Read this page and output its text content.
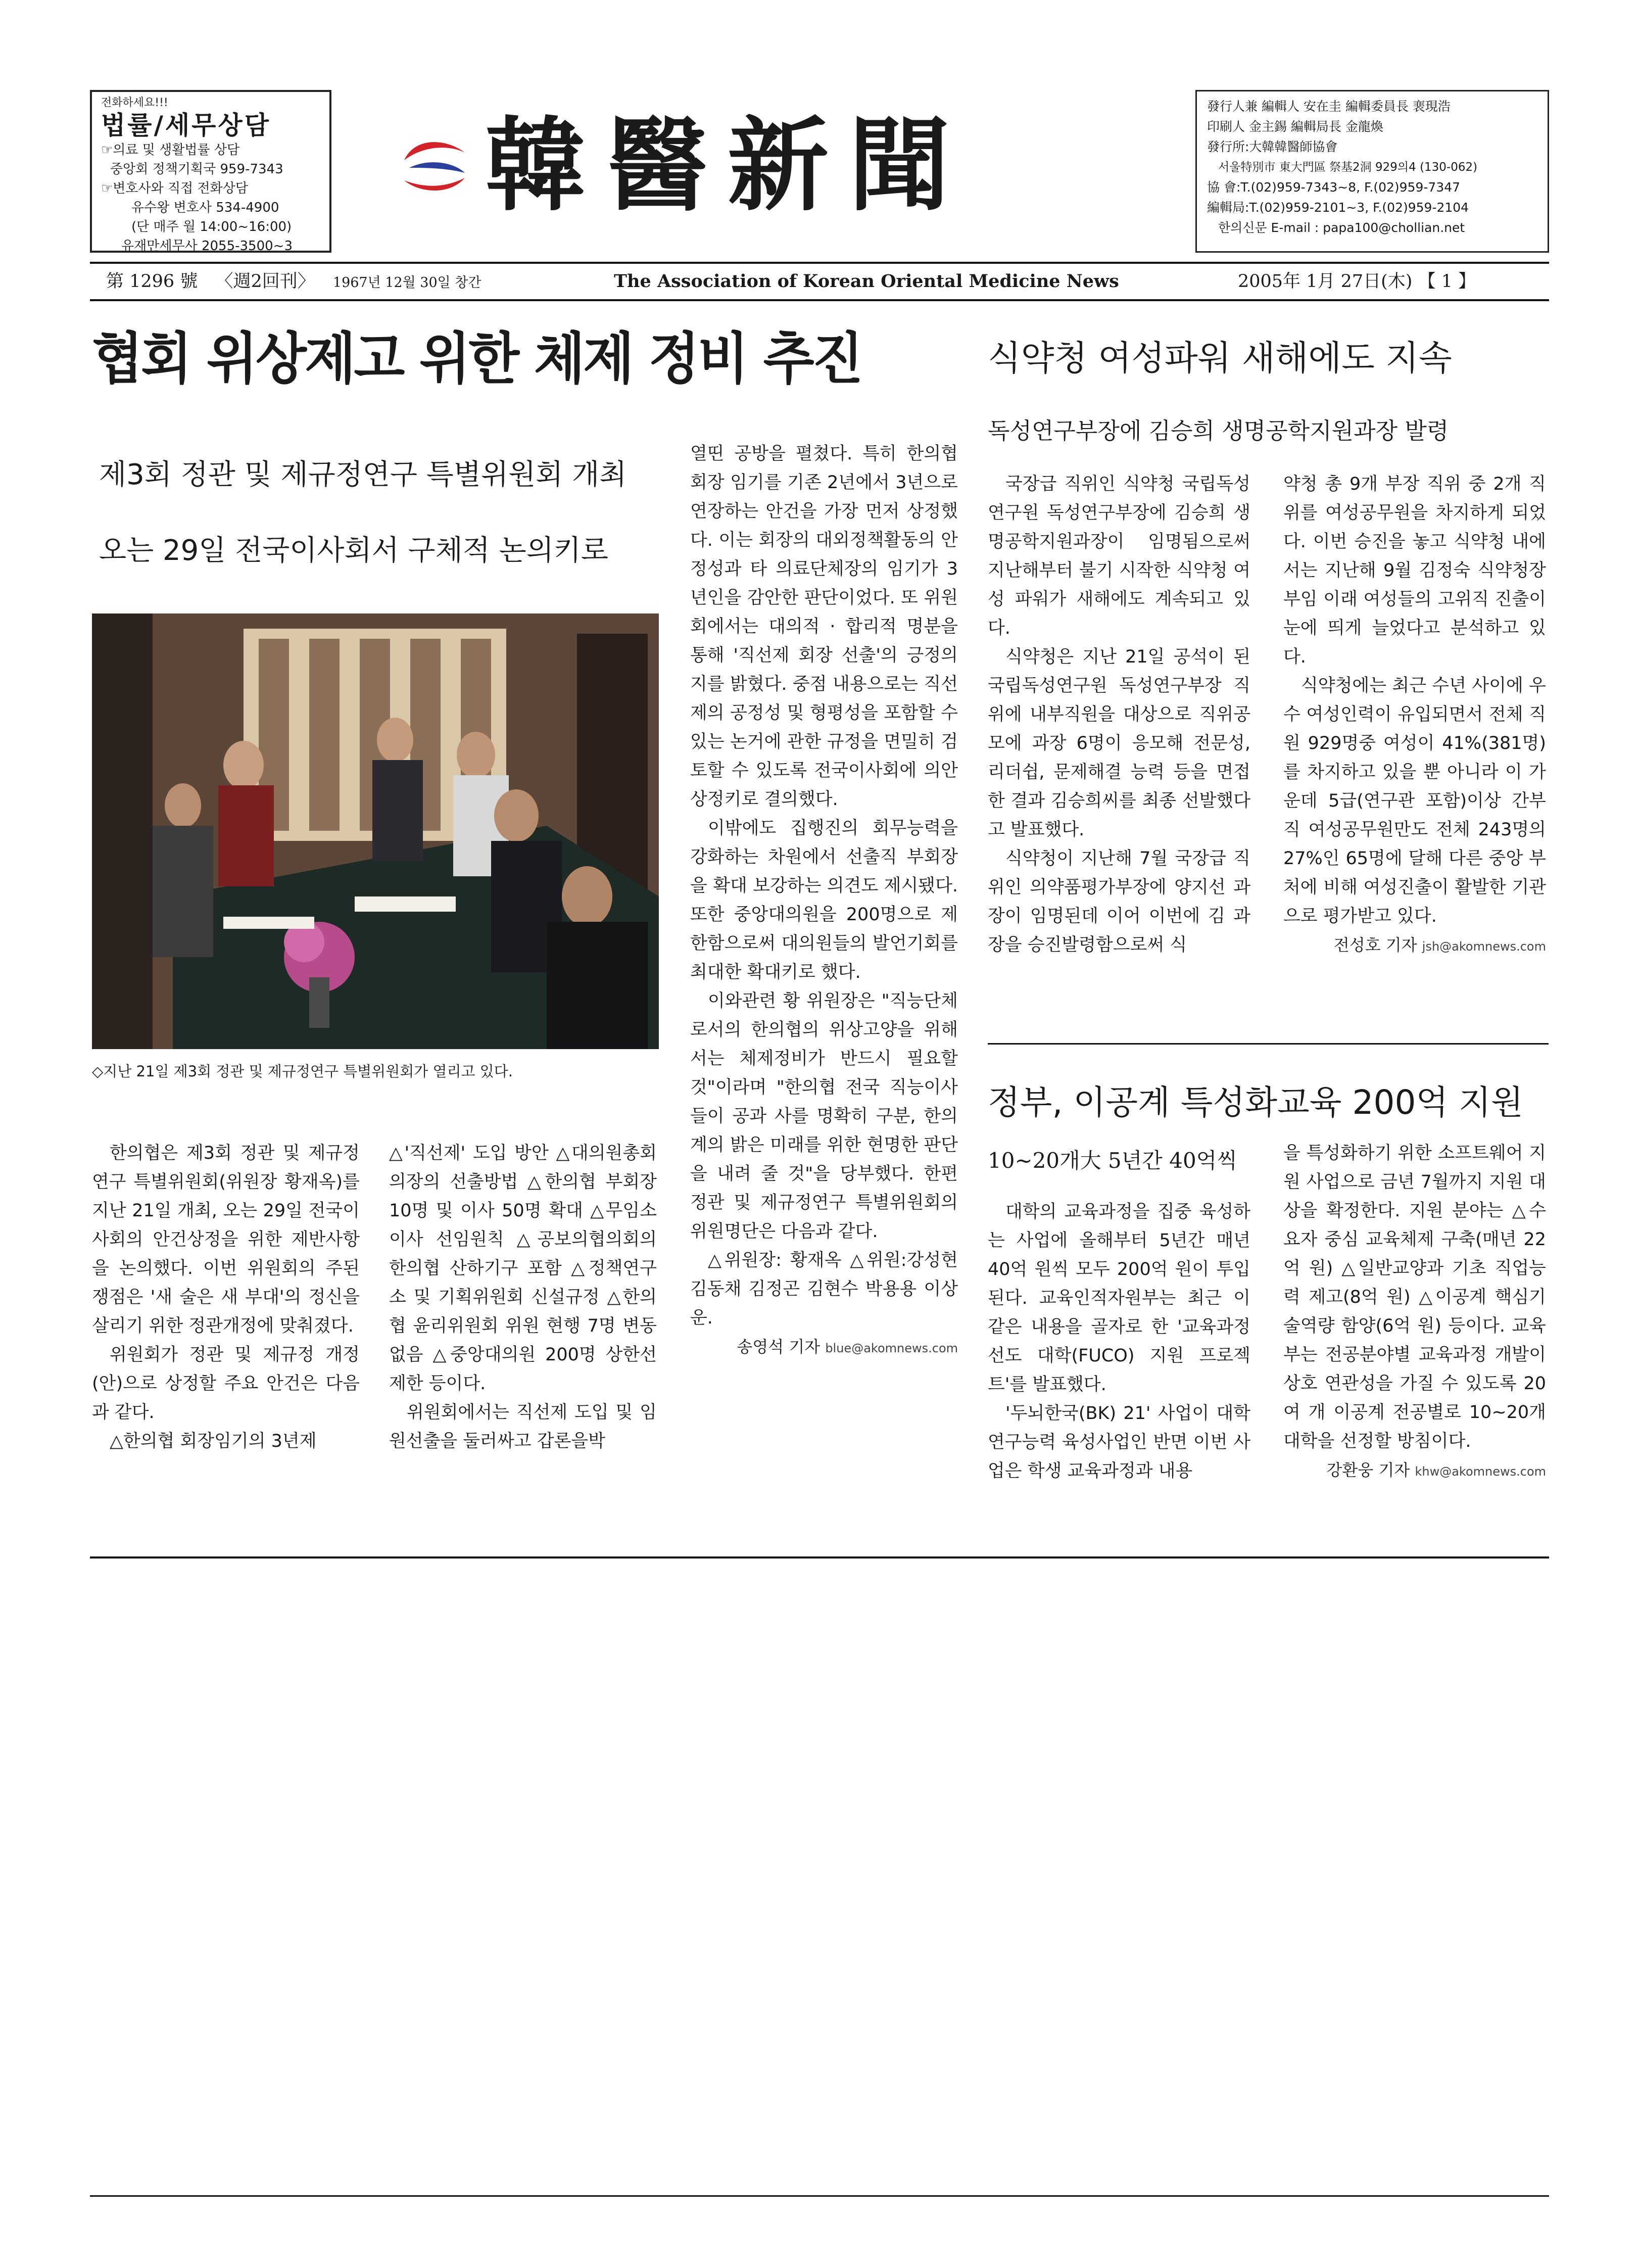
전화하세요!!!
법률/세무상담
☞의료 및 생활법률 상담
중앙회 정책기획국 959-7343
☞변호사와 직접 전화상담
유수왕 변호사 534-4900
(단 매주 월 14:00~16:00)
유재만세무사 2055-3500~3
韓醫新聞	發行人兼 編輯人 安在圭 編輯委員長 裵現浩
印刷人 金主錫 編輯局長 金龍煥
發行所:大韓韓醫師協會
서울特別市 東大門區 祭基2洞 929의4 (130-062)
協 會:T.(02)959-7343~8, F.(02)959-7347
編輯局:T.(02)959-2101~3, F.(02)959-2104
한의신문 E-mail : papa100@chollian.net
第 1296 號 〈週2回刊〉 1967년 12월 30일 창간	The Association of Korean Oriental Medicine News	2005年 1月 27日(木) 【 1 】
협회 위상제고 위한 체제 정비 추진
제3회 정관 및 제규정연구 특별위원회 개최
오는 29일 전국이사회서 구체적 논의키로
◇지난 21일 제3회 정관 및 제규정연구 특별위원회가 열리고 있다.

한의협은 제3회 정관 및 제규정연구 특별위원회(위원장 황재옥)를 지난 21일 개최, 오는 29일 전국이사회의 안건상정을 위한 제반사항을 논의했다. 이번 위원회의 주된 쟁점은 '새 술은 새 부대'의 정신을 살리기 위한 정관개정에 맞춰졌다.

위원회가 정관 및 제규정 개정(안)으로 상정할 주요 안건은 다음과 같다.

△한의협 회장임기의 3년제

△'직선제' 도입 방안 △대의원총회의장의 선출방법 △한의협 부회장 10명 및 이사 50명 확대 △무임소 이사 선임원칙 △공보의협의회의 한의협 산하기구 포함 △정책연구소 및 기획위원회 신설규정 △한의협 윤리위원회 위원 현행 7명 변동 없음 △중앙대의원 200명 상한선 제한 등이다.

위원회에서는 직선제 도입 및 임원선출을 둘러싸고 갑론을박

열띤 공방을 펼쳤다. 특히 한의협 회장 임기를 기존 2년에서 3년으로 연장하는 안건을 가장 먼저 상정했다. 이는 회장의 대외정책활동의 안정성과 타 의료단체장의 임기가 3년인을 감안한 판단이었다. 또 위원회에서는 대의적 · 합리적 명분을 통해 '직선제 회장 선출'의 긍정의지를 밝혔다. 중점 내용으로는 직선제의 공정성 및 형평성을 포함할 수 있는 논거에 관한 규정을 면밀히 검토할 수 있도록 전국이사회에 의안 상정키로 결의했다.

이밖에도 집행진의 회무능력을 강화하는 차원에서 선출직 부회장을 확대 보강하는 의견도 제시됐다. 또한 중앙대의원을 200명으로 제한함으로써 대의원들의 발언기회를 최대한 확대키로 했다.

이와관련 황 위원장은 "직능단체로서의 한의협의 위상고양을 위해서는 체제정비가 반드시 필요할 것"이라며 "한의협 전국 직능이사들이 공과 사를 명확히 구분, 한의계의 밝은 미래를 위한 현명한 판단을 내려 줄 것"을 당부했다. 한편 정관 및 제규정연구 특별위원회의 위원명단은 다음과 같다.

△위원장: 황재옥 △위원:강성현 김동채 김정곤 김현수 박용용 이상운.

송영석 기자 blue@akomnews.com
식약청 여성파워 새해에도 지속
독성연구부장에 김승희 생명공학지원과장 발령

국장급 직위인 식약청 국립독성연구원 독성연구부장에 김승희 생명공학지원과장이 임명됨으로써 지난해부터 불기 시작한 식약청 여성 파워가 새해에도 계속되고 있다.

식약청은 지난 21일 공석이 된 국립독성연구원 독성연구부장 직위에 내부직원을 대상으로 직위공모에 과장 6명이 응모해 전문성, 리더쉽, 문제해결 능력 등을 면접한 결과 김승희씨를 최종 선발했다고 발표했다.

식약청이 지난해 7월 국장급 직위인 의약품평가부장에 양지선 과장이 임명된데 이어 이번에 김 과장을 승진발령함으로써 식

약청 총 9개 부장 직위 중 2개 직위를 여성공무원을 차지하게 되었다. 이번 승진을 놓고 식약청 내에서는 지난해 9월 김정숙 식약청장 부임 이래 여성들의 고위직 진출이 눈에 띄게 늘었다고 분석하고 있다.

식약청에는 최근 수년 사이에 우수 여성인력이 유입되면서 전체 직원 929명중 여성이 41%(381명)를 차지하고 있을 뿐 아니라 이 가운데 5급(연구관 포함)이상 간부직 여성공무원만도 전체 243명의 27%인 65명에 달해 다른 중앙 부처에 비해 여성진출이 활발한 기관으로 평가받고 있다.

전성호 기자 jsh@akomnews.com
정부, 이공계 특성화교육 200억 지원
10~20개大 5년간 40억씩

대학의 교육과정을 집중 육성하는 사업에 올해부터 5년간 매년 40억 원씩 모두 200억 원이 투입된다. 교육인적자원부는 최근 이 같은 내용을 골자로 한 '교육과정 선도 대학(FUCO) 지원 프로젝트'를 발표했다.

'두뇌한국(BK) 21' 사업이 대학 연구능력 육성사업인 반면 이번 사업은 학생 교육과정과 내용

을 특성화하기 위한 소프트웨어 지원 사업으로 금년 7월까지 지원 대상을 확정한다. 지원 분야는 △수요자 중심 교육체제 구축(매년 22억 원) △일반교양과 기초 직업능력 제고(8억 원) △이공계 핵심기술역량 함양(6억 원) 등이다. 교육부는 전공분야별 교육과정 개발이 상호 연관성을 가질 수 있도록 20여 개 이공계 전공별로 10~20개 대학을 선정할 방침이다.

강환웅 기자 khw@akomnews.com
